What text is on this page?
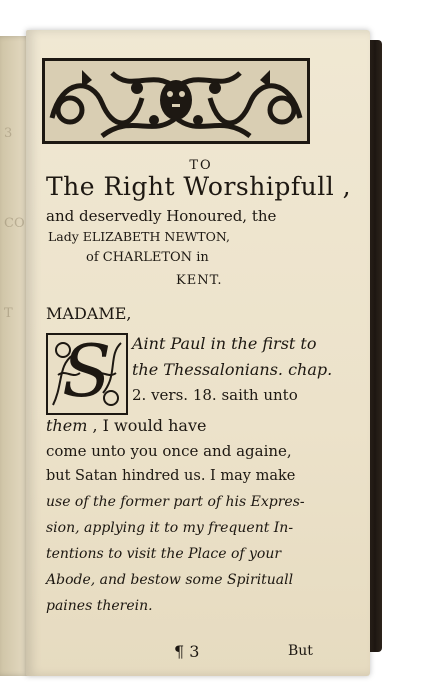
3
CO
T
TO
The Right Worshipfull ,
and deservedly Honoured, the
Lady ELIZABETH NEWTON,
of CHARLETON in
KENT.
MADAME,
S Aint Paul in the first to
the Thessalonians. chap.
2. vers. 18. saith unto
them , I would have
come unto you once and againe,
but Satan hindred us. I may make
use of the former part of his Expres-
sion, applying it to my frequent In-
tentions to visit the Place of your
Abode, and bestow some Spirituall
paines therein.
¶ 3	But
